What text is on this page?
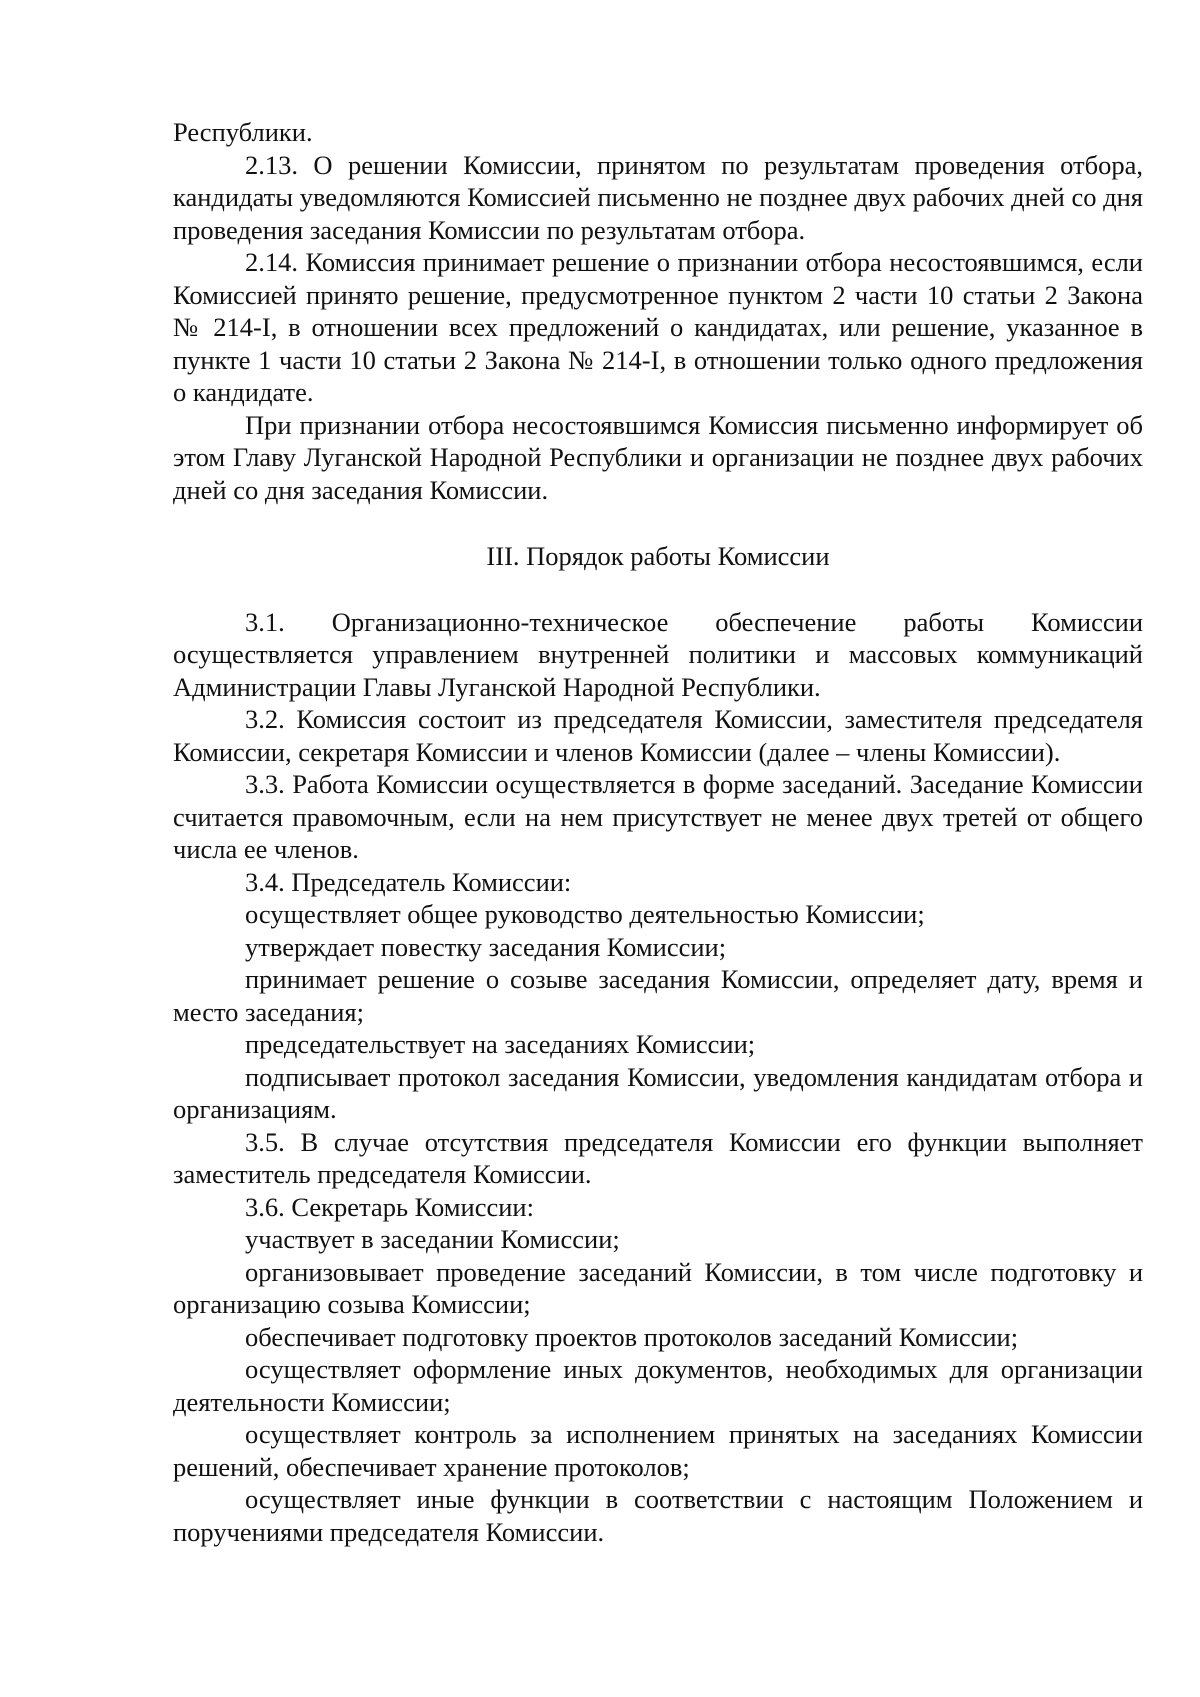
Республики.

2.13. О решении Комиссии, принятом по результатам проведения отбора, кандидаты уведомляются Комиссией письменно не позднее двух рабочих дней со дня проведения заседания Комиссии по результатам отбора.

2.14. Комиссия принимает решение о признании отбора несостоявшимся, если Комиссией принято решение, предусмотренное пунктом 2 части 10 статьи 2 Закона № 214-I, в отношении всех предложений о кандидатах, или решение, указанное в пункте 1 части 10 статьи 2 Закона № 214-I, в отношении только одного предложения о кандидате.

При признании отбора несостоявшимся Комиссия письменно информирует об этом Главу Луганской Народной Республики и организации не позднее двух рабочих дней со дня заседания Комиссии.

III. Порядок работы Комиссии

3.1. Организационно-техническое обеспечение работы Комиссии осуществляется управлением внутренней политики и массовых коммуникаций Администрации Главы Луганской Народной Республики.

3.2. Комиссия состоит из председателя Комиссии, заместителя председателя Комиссии, секретаря Комиссии и членов Комиссии (далее – члены Комиссии).

3.3. Работа Комиссии осуществляется в форме заседаний. Заседание Комиссии считается правомочным, если на нем присутствует не менее двух третей от общего числа ее членов.

3.4. Председатель Комиссии:

осуществляет общее руководство деятельностью Комиссии;

утверждает повестку заседания Комиссии;

принимает решение о созыве заседания Комиссии, определяет дату, время и место заседания;

председательствует на заседаниях Комиссии;

подписывает протокол заседания Комиссии, уведомления кандидатам отбора и организациям.

3.5. В случае отсутствия председателя Комиссии его функции выполняет заместитель председателя Комиссии.

3.6. Секретарь Комиссии:

участвует в заседании Комиссии;

организовывает проведение заседаний Комиссии, в том числе подготовку и организацию созыва Комиссии;

обеспечивает подготовку проектов протоколов заседаний Комиссии;

осуществляет оформление иных документов, необходимых для организации деятельности Комиссии;

осуществляет контроль за исполнением принятых на заседаниях Комиссии решений, обеспечивает хранение протоколов;

осуществляет иные функции в соответствии с настоящим Положением и поручениями председателя Комиссии.
